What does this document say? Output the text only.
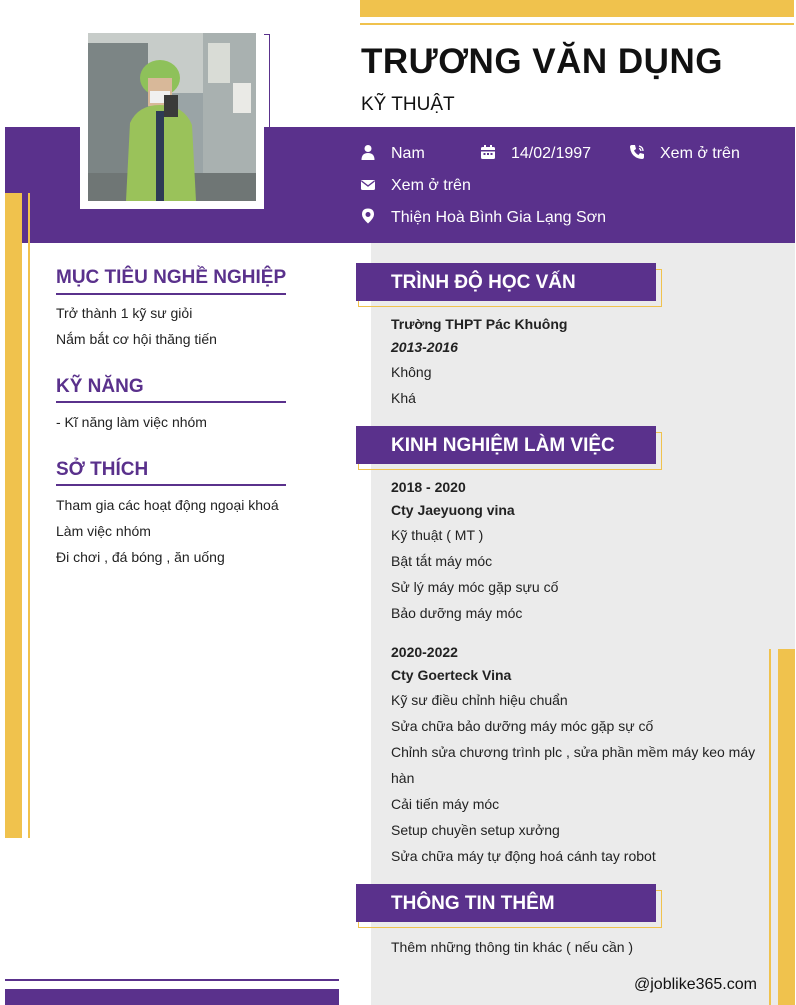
TRƯƠNG VĂN DỤNG
KỸ THUẬT
Nam	14/02/1997	Xem ở trên
Xem ở trên
Thiện Hoà Bình Gia Lạng Sơn
MỤC TIÊU NGHỀ NGHIỆP
Trở thành 1 kỹ sư giỏi
Nắm bắt cơ hội thăng tiến
KỸ NĂNG
- Kĩ năng làm việc nhóm
SỞ THÍCH
Tham gia các hoạt động ngoại khoá
Làm việc nhóm
Đi chơi , đá bóng , ăn uống
TRÌNH ĐỘ HỌC VẤN
Trường THPT Pác Khuông
2013-2016
Không
Khá
KINH NGHIỆM LÀM VIỆC
2018 - 2020
Cty Jaeyuong vina
Kỹ thuật ( MT )
Bật tắt máy móc
Sử lý máy móc gặp sựu cố
Bảo dưỡng máy móc
2020-2022
Cty Goerteck Vina
Kỹ sư điều chỉnh hiệu chuẩn
Sửa chữa bảo dưỡng máy móc gặp sự cố
Chỉnh sửa chương trình plc , sửa phần mềm máy keo máy hàn
Cải tiến máy móc
Setup chuyền setup xưởng
Sửa chữa máy tự động hoá cánh tay robot
THÔNG TIN THÊM
Thêm những thông tin khác ( nếu cần )
@joblike365.com
